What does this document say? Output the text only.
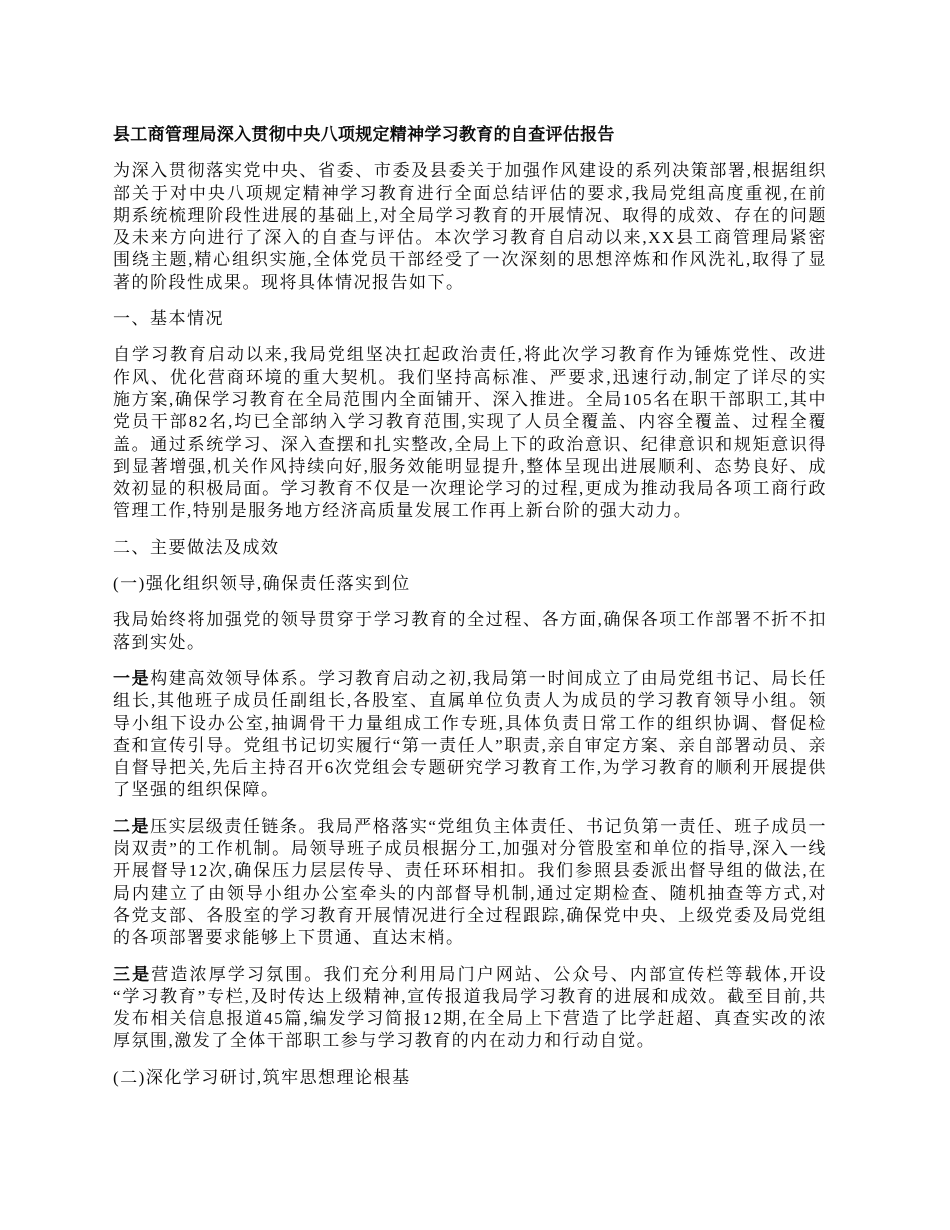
县工商管理局深入贯彻中央八项规定精神学习教育的自查评估报告

为深入贯彻落实党中央、省委、市委及县委关于加强作风建设的系列决策部署,根据组织部关于对中央八项规定精神学习教育进行全面总结评估的要求,我局党组高度重视,在前期系统梳理阶段性进展的基础上,对全局学习教育的开展情况、取得的成效、存在的问题及未来方向进行了深入的自查与评估。本次学习教育自启动以来,XX县工商管理局紧密围绕主题,精心组织实施,全体党员干部经受了一次深刻的思想淬炼和作风洗礼,取得了显著的阶段性成果。现将具体情况报告如下。

一、基本情况

自学习教育启动以来,我局党组坚决扛起政治责任,将此次学习教育作为锤炼党性、改进作风、优化营商环境的重大契机。我们坚持高标准、严要求,迅速行动,制定了详尽的实施方案,确保学习教育在全局范围内全面铺开、深入推进。全局105名在职干部职工,其中党员干部82名,均已全部纳入学习教育范围,实现了人员全覆盖、内容全覆盖、过程全覆盖。通过系统学习、深入查摆和扎实整改,全局上下的政治意识、纪律意识和规矩意识得到显著增强,机关作风持续向好,服务效能明显提升,整体呈现出进展顺利、态势良好、成效初显的积极局面。学习教育不仅是一次理论学习的过程,更成为推动我局各项工商行政管理工作,特别是服务地方经济高质量发展工作再上新台阶的强大动力。

二、主要做法及成效

(一)强化组织领导,确保责任落实到位

我局始终将加强党的领导贯穿于学习教育的全过程、各方面,确保各项工作部署不折不扣落到实处。

一是构建高效领导体系。学习教育启动之初,我局第一时间成立了由局党组书记、局长任组长,其他班子成员任副组长,各股室、直属单位负责人为成员的学习教育领导小组。领导小组下设办公室,抽调骨干力量组成工作专班,具体负责日常工作的组织协调、督促检查和宣传引导。党组书记切实履行“第一责任人”职责,亲自审定方案、亲自部署动员、亲自督导把关,先后主持召开6次党组会专题研究学习教育工作,为学习教育的顺利开展提供了坚强的组织保障。

二是压实层级责任链条。我局严格落实“党组负主体责任、书记负第一责任、班子成员一岗双责”的工作机制。局领导班子成员根据分工,加强对分管股室和单位的指导,深入一线开展督导12次,确保压力层层传导、责任环环相扣。我们参照县委派出督导组的做法,在局内建立了由领导小组办公室牵头的内部督导机制,通过定期检查、随机抽查等方式,对各党支部、各股室的学习教育开展情况进行全过程跟踪,确保党中央、上级党委及局党组的各项部署要求能够上下贯通、直达末梢。

三是营造浓厚学习氛围。我们充分利用局门户网站、公众号、内部宣传栏等载体,开设“学习教育”专栏,及时传达上级精神,宣传报道我局学习教育的进展和成效。截至目前,共发布相关信息报道45篇,编发学习简报12期,在全局上下营造了比学赶超、真查实改的浓厚氛围,激发了全体干部职工参与学习教育的内在动力和行动自觉。

(二)深化学习研讨,筑牢思想理论根基
